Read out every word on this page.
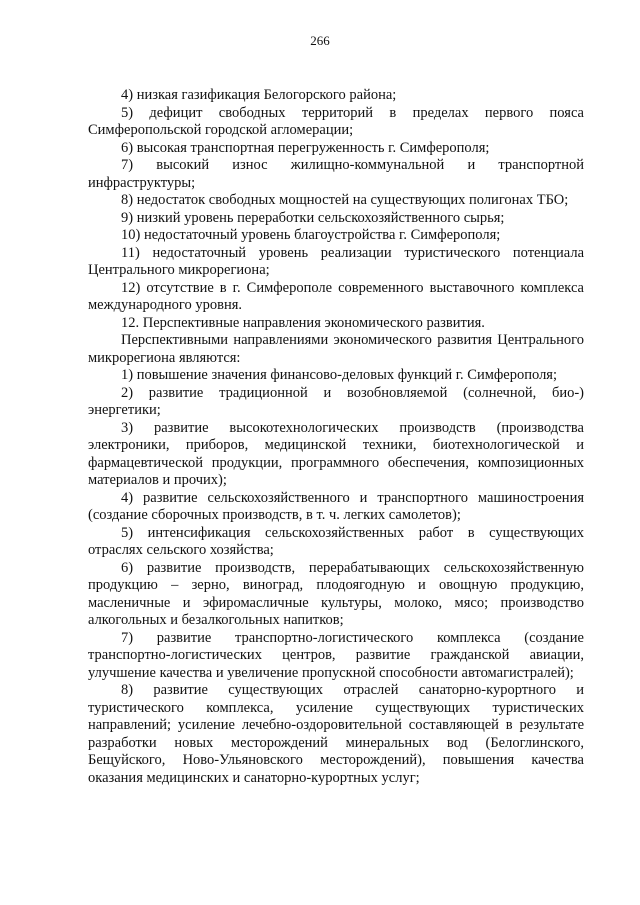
266

4) низкая газификация Белогорского района;

5) дефицит свободных территорий в пределах первого пояса Симферопольской городской агломерации;

6) высокая транспортная перегруженность г. Симферополя;

7) высокий износ жилищно-коммунальной и транспортной инфраструктуры;

8) недостаток свободных мощностей на существующих полигонах ТБО;

9) низкий уровень переработки сельскохозяйственного сырья;

10) недостаточный уровень благоустройства г. Симферополя;

11) недостаточный уровень реализации туристического потенциала Центрального микрорегиона;

12) отсутствие в г. Симферополе современного выставочного комплекса международного уровня.

12. Перспективные направления экономического развития.

Перспективными направлениями экономического развития Центрального микрорегиона являются:

1) повышение значения финансово-деловых функций г. Симферополя;

2) развитие традиционной и возобновляемой (солнечной, био-) энергетики;

3) развитие высокотехнологических производств (производства электроники, приборов, медицинской техники, биотехнологической и фармацевтической продукции, программного обеспечения, композиционных материалов и прочих);

4) развитие сельскохозяйственного и транспортного машиностроения (создание сборочных производств, в т. ч. легких самолетов);

5) интенсификация сельскохозяйственных работ в существующих отраслях сельского хозяйства;

6) развитие производств, перерабатывающих сельскохозяйственную продукцию – зерно, виноград, плодоягодную и овощную продукцию, масленичные и эфиромасличные культуры, молоко, мясо; производство алкогольных и безалкогольных напитков;

7) развитие транспортно-логистического комплекса (создание транспортно-логистических центров, развитие гражданской авиации, улучшение качества и увеличение пропускной способности автомагистралей);

8) развитие существующих отраслей санаторно-курортного и туристического комплекса, усиление существующих туристических направлений; усиление лечебно-оздоровительной составляющей в результате разработки новых месторождений минеральных вод (Белоглинского, Бещуйского, Ново-Ульяновского месторождений), повышения качества оказания медицинских и санаторно-курортных услуг;
